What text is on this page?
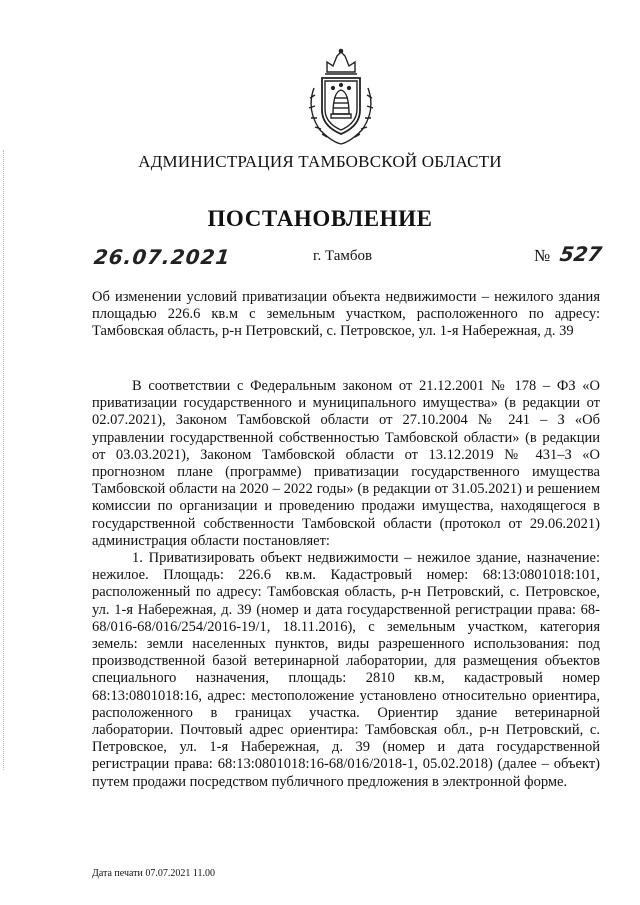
АДМИНИСТРАЦИЯ ТАМБОВСКОЙ ОБЛАСТИ
ПОСТАНОВЛЕНИЕ
26.07.2021	г. Тамбов	№ 527
Об изменении условий приватизации объекта недвижимости – нежилого здания площадью 226.6 кв.м с земельным участком, расположенного по адресу: Тамбовская область, р-н Петровский, с. Петровское, ул. 1-я Набережная, д. 39

В соответствии с Федеральным законом от 21.12.2001 № 178 – ФЗ «О приватизации государственного и муниципального имущества» (в редакции от 02.07.2021), Законом Тамбовской области от 27.10.2004 № 241 – З «Об управлении государственной собственностью Тамбовской области» (в редакции от 03.03.2021), Законом Тамбовской области от 13.12.2019 № 431–З «О прогнозном плане (программе) приватизации государственного имущества Тамбовской области на 2020 – 2022 годы» (в редакции от 31.05.2021) и решением комиссии по организации и проведению продажи имущества, находящегося в государственной собственности Тамбовской области (протокол от 29.06.2021) администрация области постановляет:

1. Приватизировать объект недвижимости – нежилое здание, назначение: нежилое. Площадь: 226.6 кв.м. Кадастровый номер: 68:13:0801018:101, расположенный по адресу: Тамбовская область, р-н Петровский, с. Петровское, ул. 1-я Набережная, д. 39 (номер и дата государственной регистрации права: 68-68/016-68/016/254/2016-19/1, 18.11.2016), с земельным участком, категория земель: земли населенных пунктов, виды разрешенного использования: под производственной базой ветеринарной лаборатории, для размещения объектов специального назначения, площадь: 2810 кв.м, кадастровый номер 68:13:0801018:16, адрес: местоположение установлено относительно ориентира, расположенного в границах участка. Ориентир здание ветеринарной лаборатории. Почтовый адрес ориентира: Тамбовская обл., р-н Петровский, с. Петровское, ул. 1-я Набережная, д. 39 (номер и дата государственной регистрации права: 68:13:0801018:16-68/016/2018-1, 05.02.2018) (далее – объект) путем продажи посредством публичного предложения в электронной форме.

Дата печати 07.07.2021 11.00
